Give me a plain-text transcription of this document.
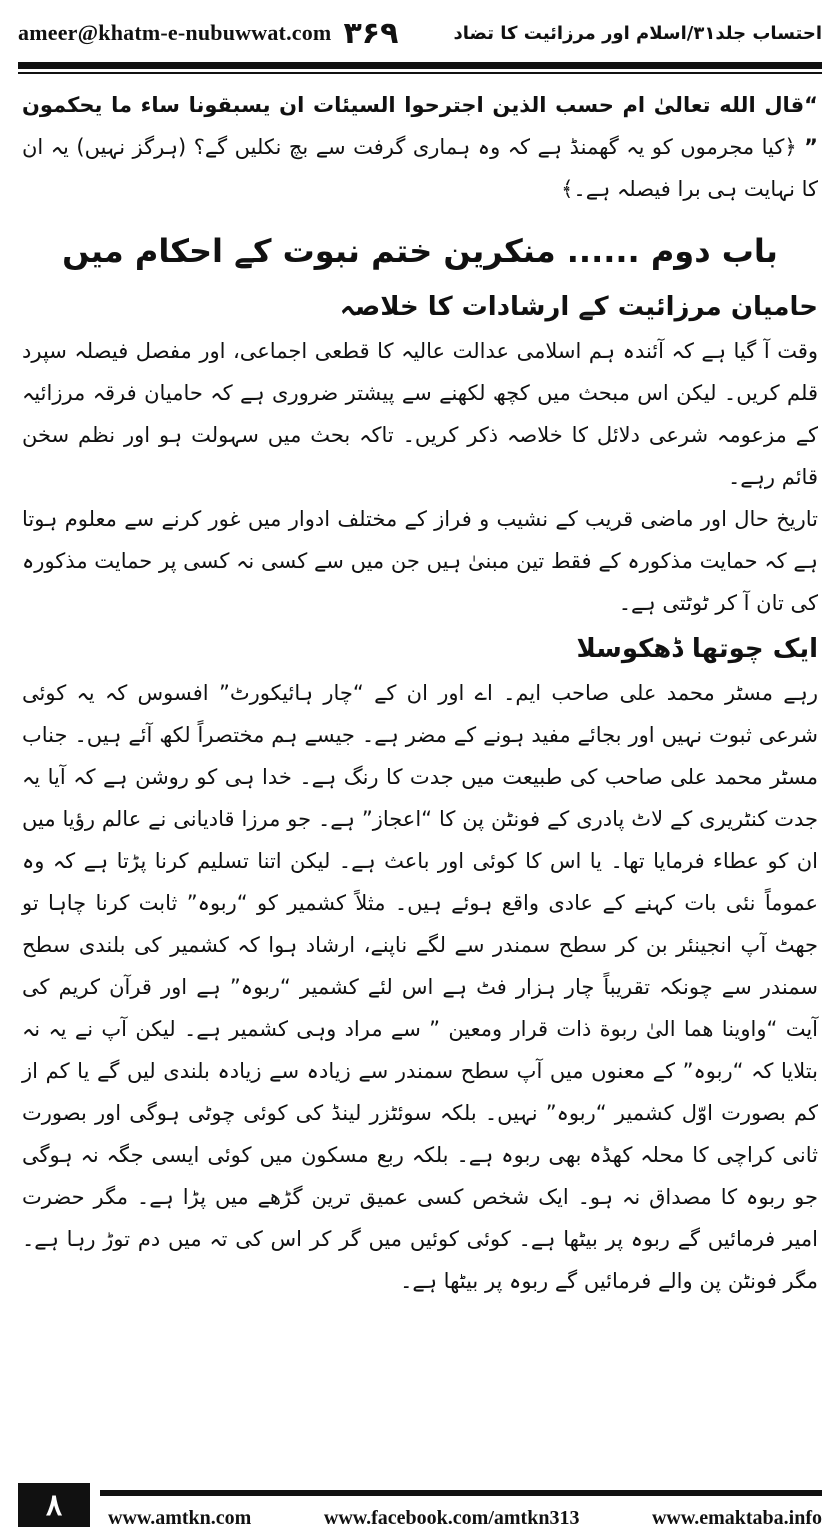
ameer@khatm-e-nubuwwat.com ۳۶۹	احتساب جلد۳۱/اسلام اور مرزائیت کا تضاد

“قال الله تعالىٰ ام حسب الذين اجترحوا السيئات ان يسبقونا ساء ما يحكمون ” ﴿کیا مجرموں کو یہ گھمنڈ ہے کہ وہ ہماری گرفت سے بچ نکلیں گے؟ (ہرگز نہیں) یہ ان کا نہایت ہی برا فیصلہ ہے۔﴾

باب دوم ...... منکرین ختم نبوت کے احکام میں
حامیان مرزائیت کے ارشادات کا خلاصہ

وقت آ گیا ہے کہ آئندہ ہم اسلامی عدالت عالیہ کا قطعی اجماعی، اور مفصل فیصلہ سپرد قلم کریں۔ لیکن اس مبحث میں کچھ لکھنے سے پیشتر ضروری ہے کہ حامیان فرقہ مرزائیہ کے مزعومہ شرعی دلائل کا خلاصہ ذکر کریں۔ تاکہ بحث میں سہولت ہو اور نظم سخن قائم رہے۔

تاریخ حال اور ماضی قریب کے نشیب و فراز کے مختلف ادوار میں غور کرنے سے معلوم ہوتا ہے کہ حمایت مذکورہ کے فقط تین مبنیٰ ہیں جن میں سے کسی نہ کسی پر حمایت مذکورہ کی تان آ کر ٹوٹتی ہے۔

ایک چوتھا ڈھکوسلا

رہے مسٹر محمد علی صاحب ایم۔ اے اور ان کے “چار ہائیکورٹ” افسوس کہ یہ کوئی شرعی ثبوت نہیں اور بجائے مفید ہونے کے مضر ہے۔ جیسے ہم مختصراً لکھ آئے ہیں۔ جناب مسٹر محمد علی صاحب کی طبیعت میں جدت کا رنگ ہے۔ خدا ہی کو روشن ہے کہ آیا یہ جدت کنٹریری کے لاٹ پادری کے فونٹن پن کا “اعجاز” ہے۔ جو مرزا قادیانی نے عالم رؤیا میں ان کو عطاء فرمایا تھا۔ یا اس کا کوئی اور باعث ہے۔ لیکن اتنا تسلیم کرنا پڑتا ہے کہ وہ عموماً نئی بات کہنے کے عادی واقع ہوئے ہیں۔ مثلاً کشمیر کو “ربوہ” ثابت کرنا چاہا تو جھٹ آپ انجینئر بن کر سطح سمندر سے لگے ناپنے، ارشاد ہوا کہ کشمیر کی بلندی سطح سمندر سے چونکہ تقریباً چار ہزار فٹ ہے اس لئے کشمیر “ربوہ” ہے اور قرآن کریم کی آیت “واوينا هما الىٰ ربوة ذات قرار ومعين ” سے مراد وہی کشمیر ہے۔ لیکن آپ نے یہ نہ بتلایا کہ “ربوہ” کے معنوں میں آپ سطح سمندر سے زیادہ سے زیادہ بلندی لیں گے یا کم از کم بصورت اوّل کشمیر “ربوہ” نہیں۔ بلکہ سوئٹزر لینڈ کی کوئی چوٹی ہوگی اور بصورت ثانی کراچی کا محلہ کھڈہ بھی ربوہ ہے۔ بلکہ ربع مسکون میں کوئی ایسی جگہ نہ ہوگی جو ربوہ کا مصداق نہ ہو۔ ایک شخص کسی عمیق ترین گڑھے میں پڑا ہے۔ مگر حضرت امیر فرمائیں گے ربوہ پر بیٹھا ہے۔ کوئی کوئیں میں گر کر اس کی تہ میں دم توڑ رہا ہے۔ مگر فونٹن پن والے فرمائیں گے ربوہ پر بیٹھا ہے۔

۸	www.amtkn.com	www.facebook.com/amtkn313	www.emaktaba.info
